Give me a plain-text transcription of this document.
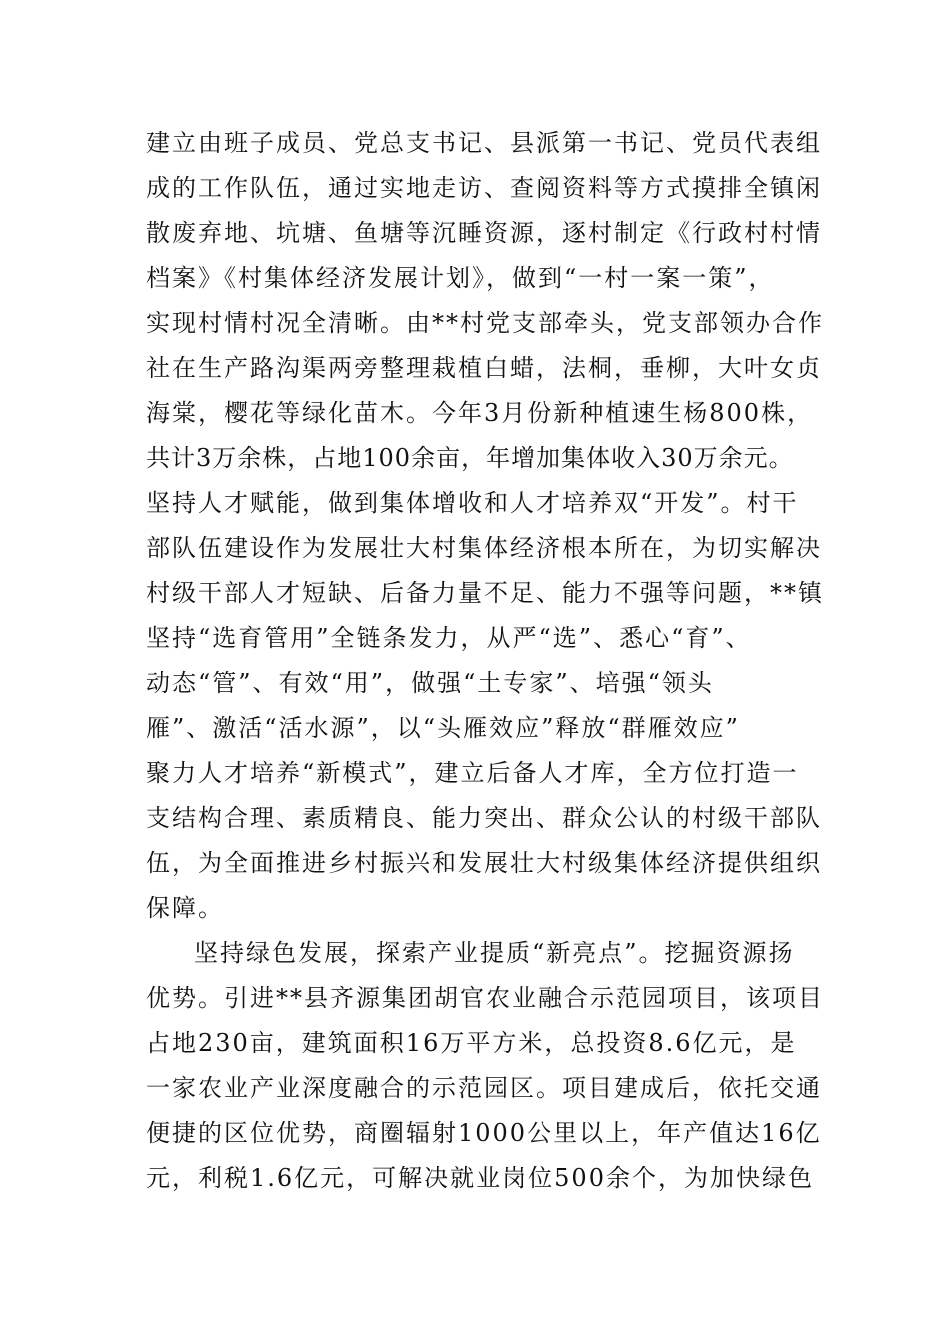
建立由班子成员、党总支书记、县派第一书记、党员代表组
成的工作队伍，通过实地走访、查阅资料等方式摸排全镇闲
散废弃地、坑塘、鱼塘等沉睡资源，逐村制定《行政村村情
档案》《村集体经济发展计划》，做到“一村一案一策”，
实现村情村况全清晰。由**村党支部牵头，党支部领办合作
社在生产路沟渠两旁整理栽植白蜡，法桐，垂柳，大叶女贞
海棠，樱花等绿化苗木。今年3月份新种植速生杨800株，
共计3万余株，占地100余亩，年增加集体收入30万余元。
坚持人才赋能，做到集体增收和人才培养双“开发”。村干
部队伍建设作为发展壮大村集体经济根本所在，为切实解决
村级干部人才短缺、后备力量不足、能力不强等问题，**镇
坚持“选育管用”全链条发力，从严“选”、悉心“育”、
动态“管”、有效“用”，做强“土专家”、培强“领头
雁”、激活“活水源”，以“头雁效应”释放“群雁效应”
聚力人才培养“新模式”，建立后备人才库，全方位打造一
支结构合理、素质精良、能力突出、群众公认的村级干部队
伍，为全面推进乡村振兴和发展壮大村级集体经济提供组织
保障。
坚持绿色发展，探索产业提质“新亮点”。挖掘资源扬
优势。引进**县齐源集团胡官农业融合示范园项目，该项目
占地230亩，建筑面积16万平方米，总投资8.6亿元，是
一家农业产业深度融合的示范园区。项目建成后，依托交通
便捷的区位优势，商圈辐射1000公里以上，年产值达16亿
元，利税1.6亿元，可解决就业岗位500余个，为加快绿色
